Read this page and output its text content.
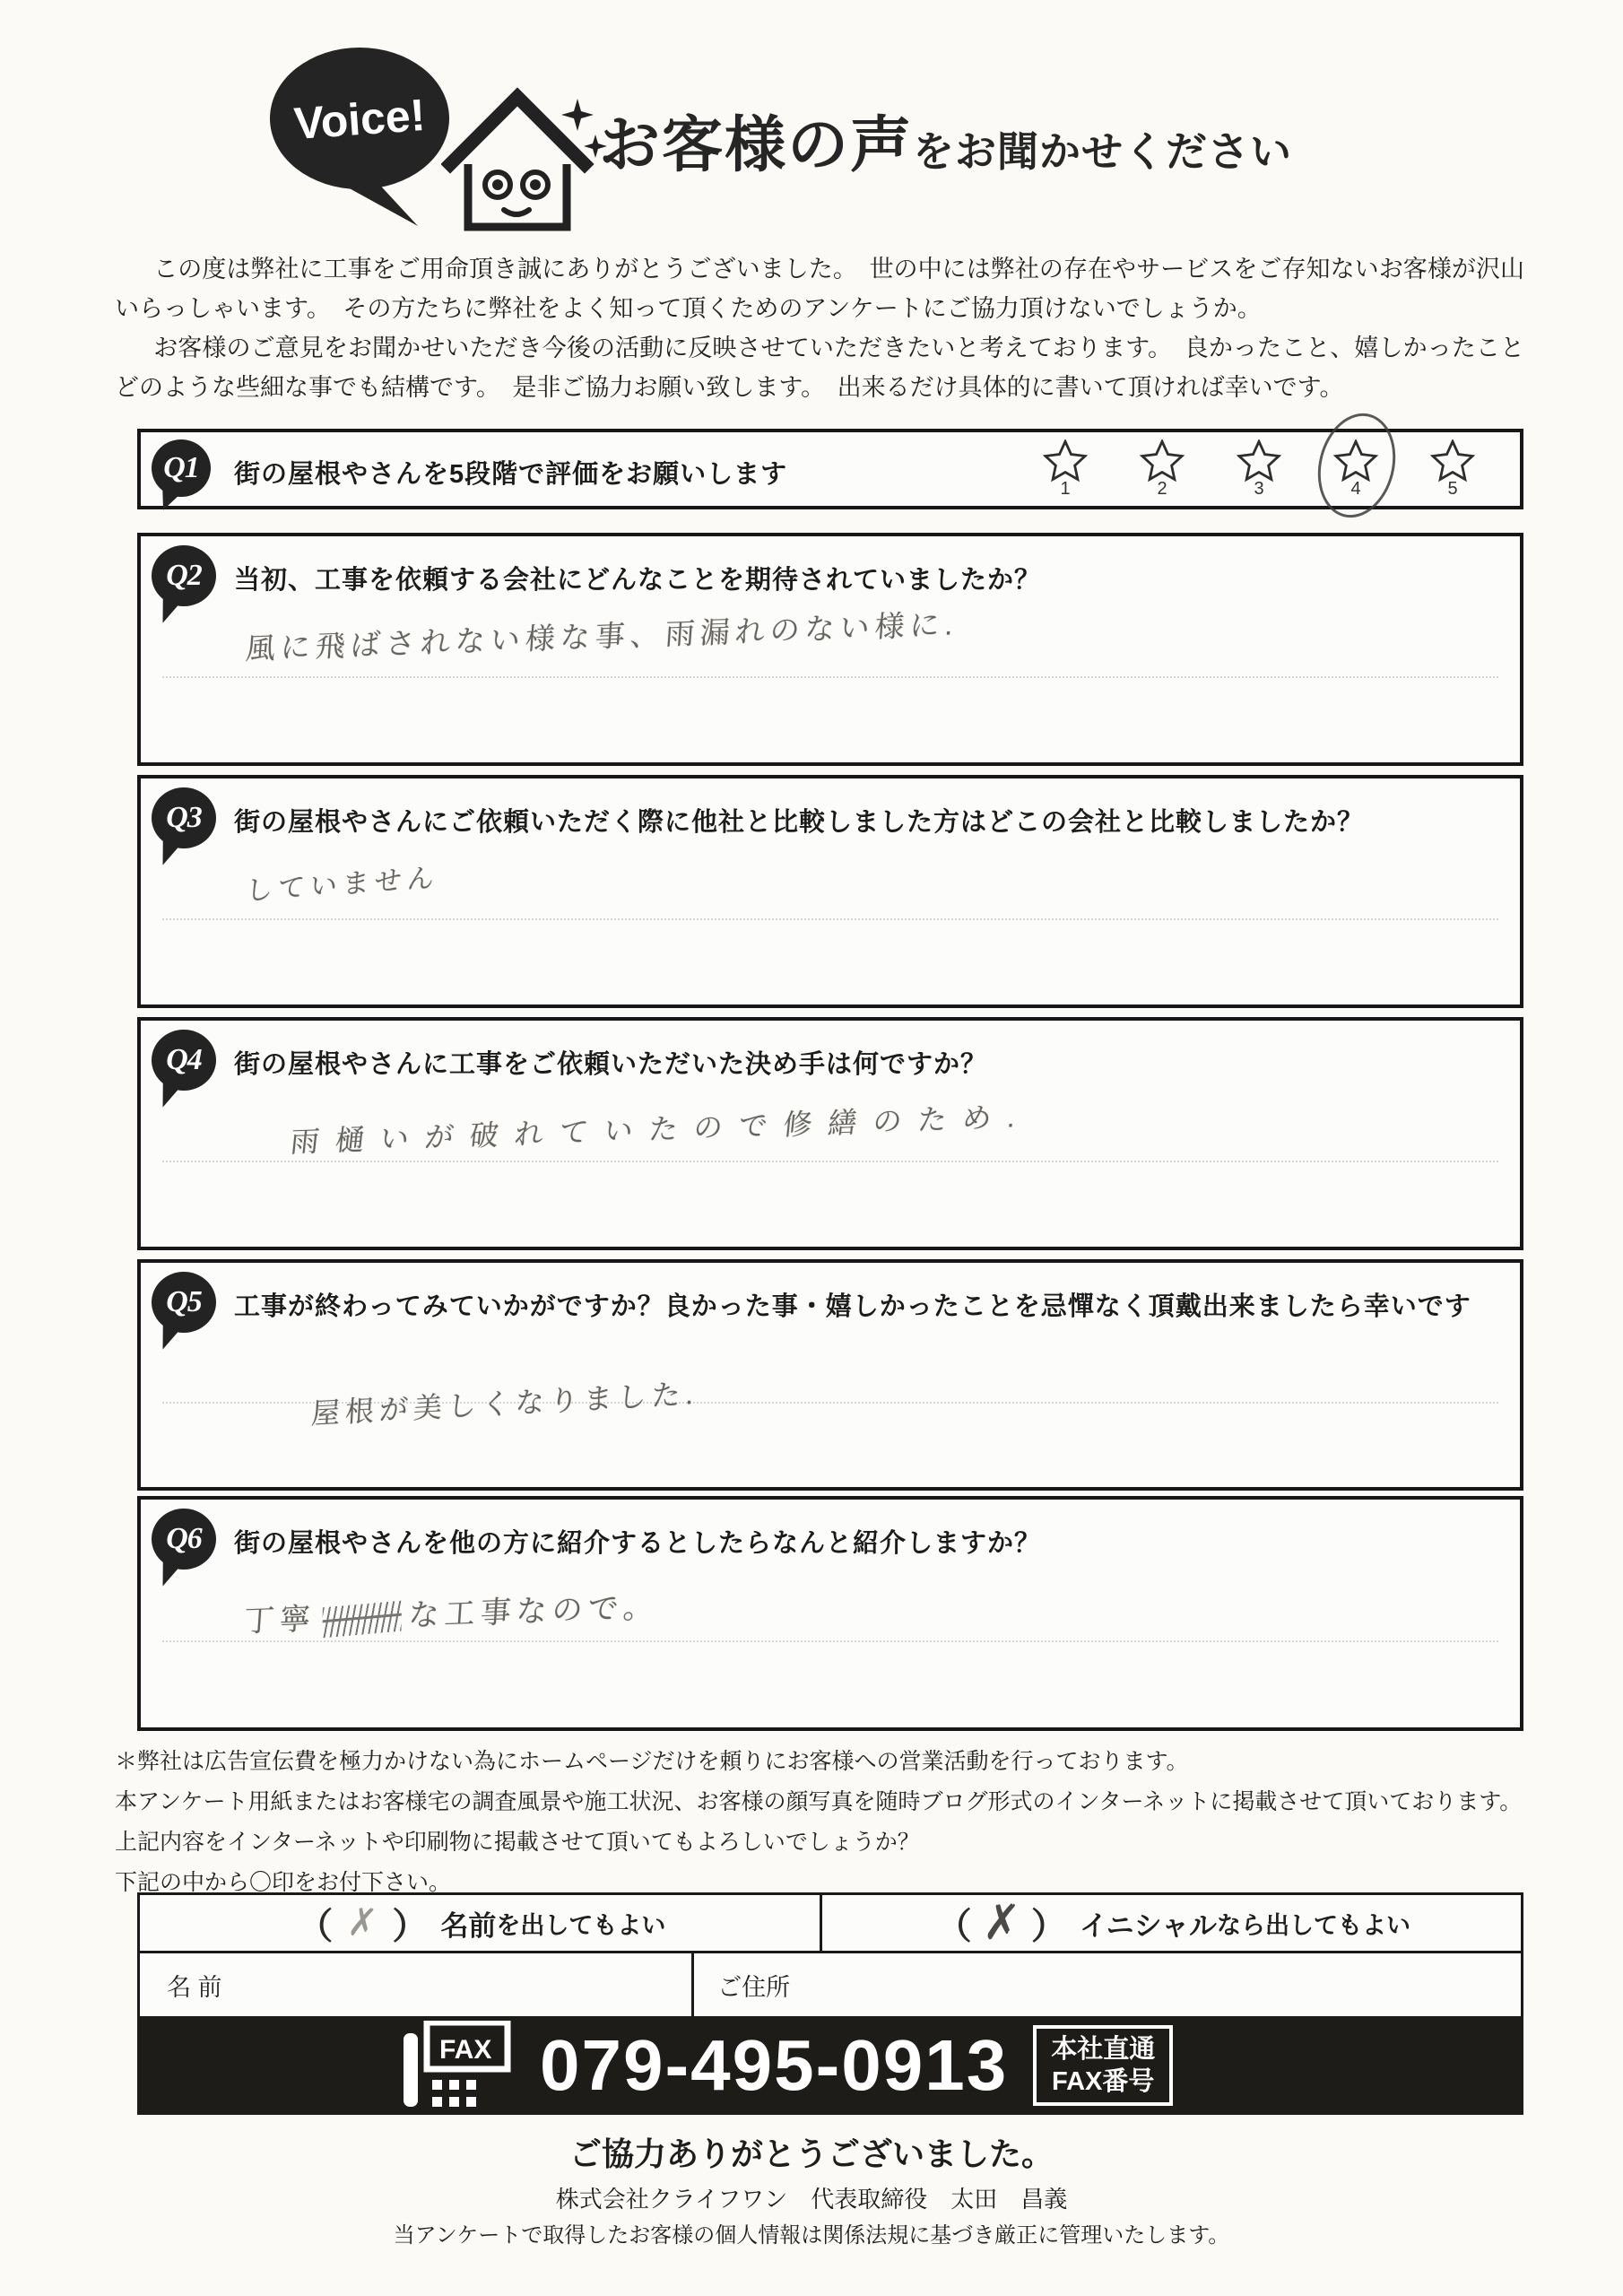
Voice!	お客様の声をお聞かせください

この度は弊社に工事をご用命頂き誠にありがとうございました。　世の中には弊社の存在やサービスをご存知ないお客様が沢山いらっしゃいます。　その方たちに弊社をよく知って頂くためのアンケートにご協力頂けないでしょうか。

お客様のご意見をお聞かせいただき今後の活動に反映させていただきたいと考えております。　良かったこと、嬉しかったことどのような些細な事でも結構です。　是非ご協力お願い致します。　出来るだけ具体的に書いて頂ければ幸いです。

Q1 街の屋根やさんを5段階で評価をお願いします	1	2	3	4	5
Q2 当初、工事を依頼する会社にどんなことを期待されていましたか？
風に飛ばされない様な事、雨漏れのない様に.
Q3 街の屋根やさんにご依頼いただく際に他社と比較しました方はどこの会社と比較しましたか？
していません
Q4 街の屋根やさんに工事をご依頼いただいた決め手は何ですか？
雨樋いが破れていたので修繕のため.
Q5 工事が終わってみていかがですか？良かった事・嬉しかったことを忌憚なく頂戴出来ましたら幸いです
屋根が美しくなりました.
Q6 街の屋根やさんを他の方に紹介するとしたらなんと紹介しますか？
丁寧	な工事なので。
＊弊社は広告宣伝費を極力かけない為にホームページだけを頼りにお客様への営業活動を行っております。
本アンケート用紙またはお客様宅の調査風景や施工状況、お客様の顔写真を随時ブログ形式のインターネットに掲載させて頂いております。
上記内容をインターネットや印刷物に掲載させて頂いてもよろしいでしょうか？
下記の中から〇印をお付下さい。
（ ✗ ） 名前 を出してもよい	（ ✗ ） イニシャル なら出してもよい
名 前	ご住所
FAX 079-495-0913 本社直通
FAX番号
ご協力ありがとうございました。
株式会社クライフワン　代表取締役　太田　昌義
当アンケートで取得したお客様の個人情報は関係法規に基づき厳正に管理いたします。
